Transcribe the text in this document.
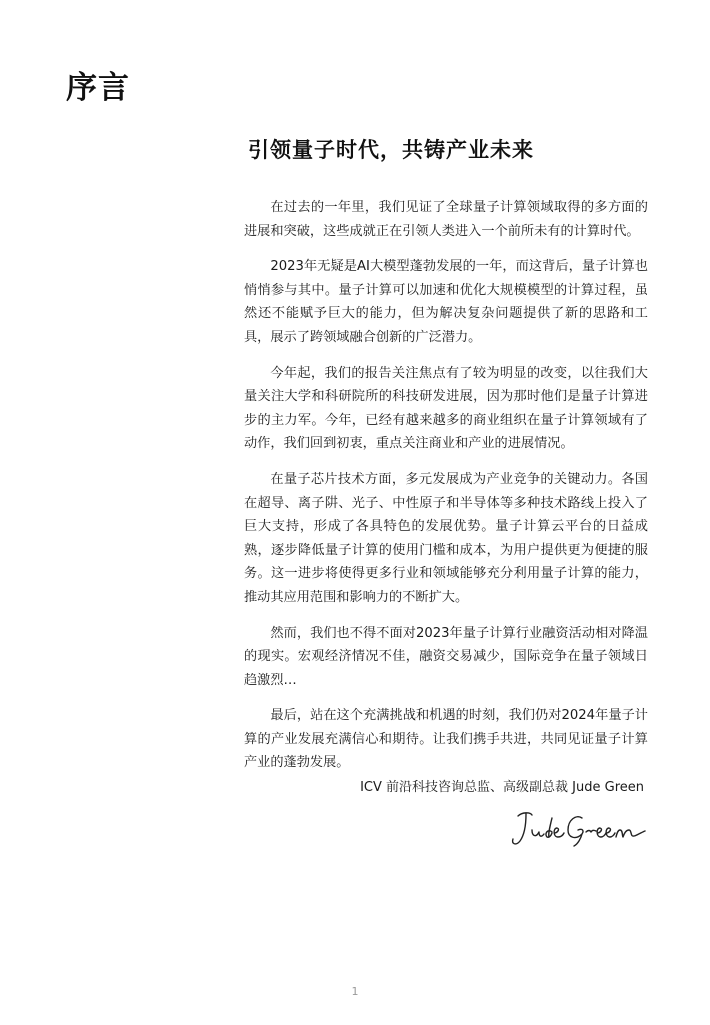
序言
引领量子时代，共铸产业未来

在过去的一年里，我们见证了全球量子计算领域取得的多方面的进展和突破，这些成就正在引领人类进入一个前所未有的计算时代。

2023年无疑是AI大模型蓬勃发展的一年，而这背后，量子计算也悄悄参与其中。量子计算可以加速和优化大规模模型的计算过程，虽然还不能赋予巨大的能力，但为解决复杂问题提供了新的思路和工具，展示了跨领域融合创新的广泛潜力。

今年起，我们的报告关注焦点有了较为明显的改变，以往我们大量关注大学和科研院所的科技研发进展，因为那时他们是量子计算进步的主力军。今年，已经有越来越多的商业组织在量子计算领域有了动作，我们回到初衷，重点关注商业和产业的进展情况。

在量子芯片技术方面，多元发展成为产业竞争的关键动力。各国在超导、离子阱、光子、中性原子和半导体等多种技术路线上投入了巨大支持，形成了各具特色的发展优势。量子计算云平台的日益成熟，逐步降低量子计算的使用门槛和成本，为用户提供更为便捷的服务。这一进步将使得更多行业和领域能够充分利用量子计算的能力，推动其应用范围和影响力的不断扩大。

然而，我们也不得不面对2023年量子计算行业融资活动相对降温的现实。宏观经济情况不佳，融资交易减少，国际竞争在量子领域日趋激烈…

最后，站在这个充满挑战和机遇的时刻，我们仍对2024年量子计算的产业发展充满信心和期待。让我们携手共进，共同见证量子计算产业的蓬勃发展。

ICV 前沿科技咨询总监、高级副总裁 Jude Green
1
